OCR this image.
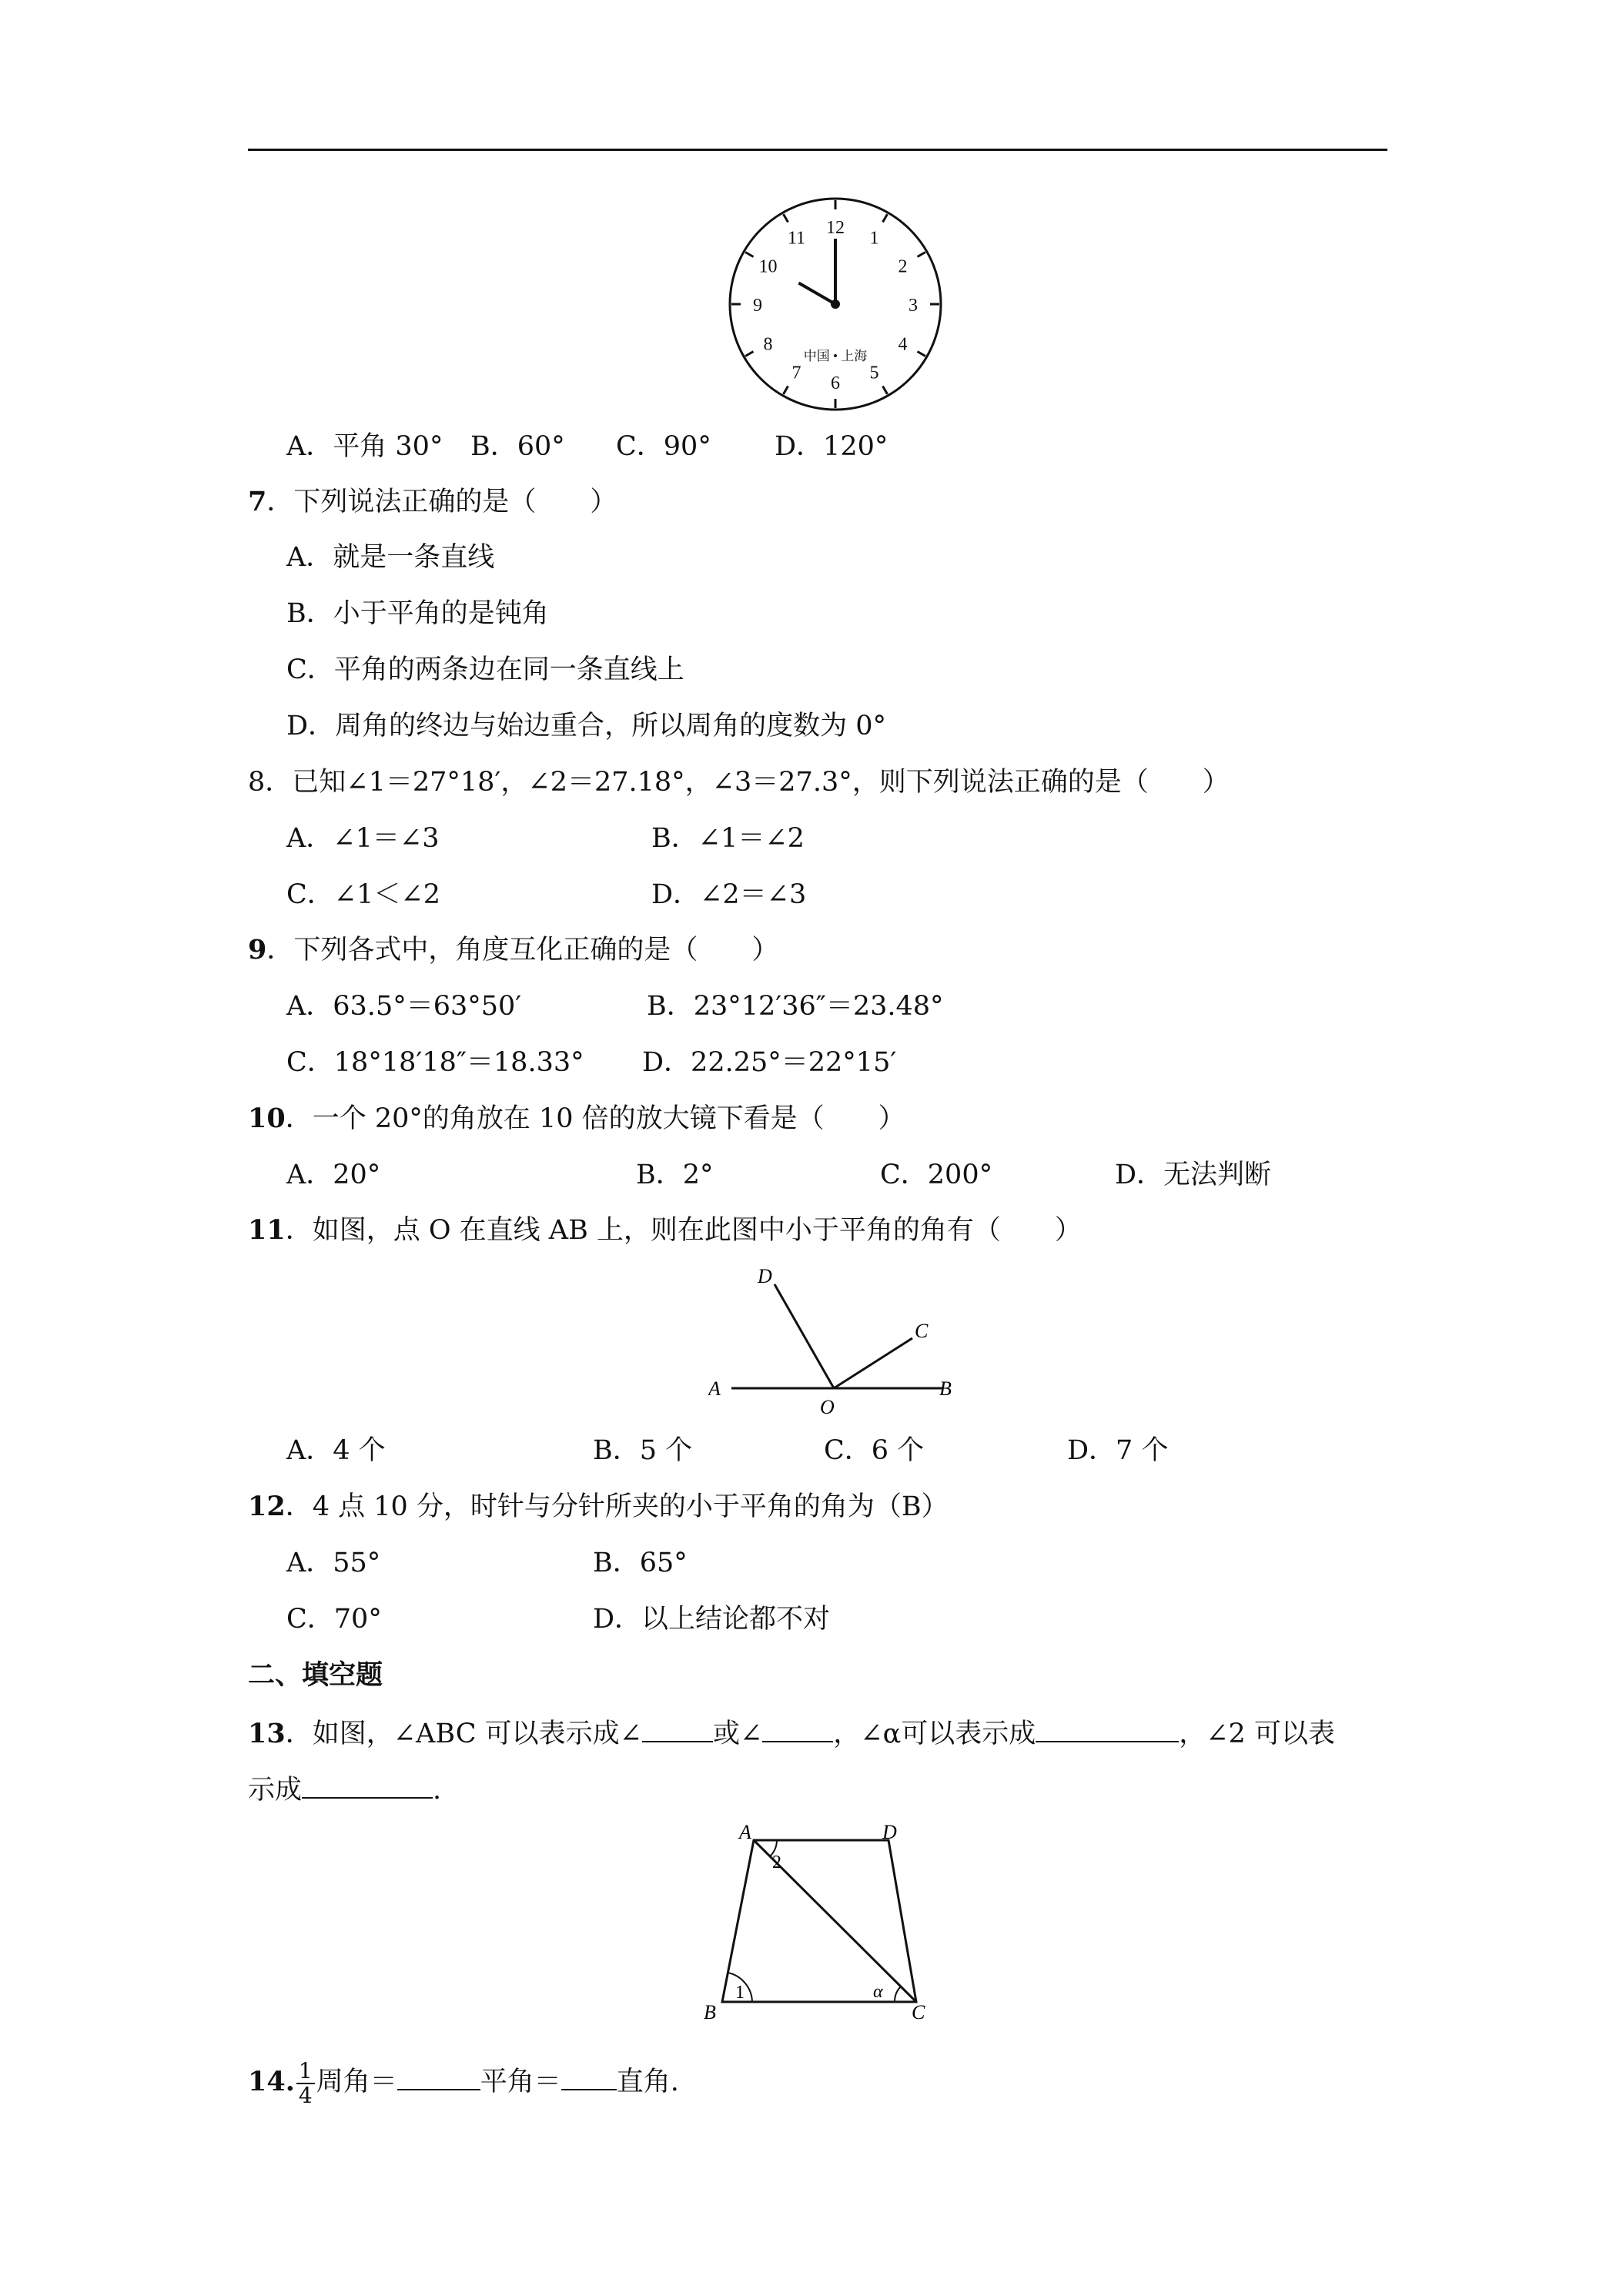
12
1
2
3
4
5
6
7
8
9
10
11
中国 • 上海
A．平角 30° B．60° C．90° D．120°
7．下列说法正确的是（　　）
A．就是一条直线
B．小于平角的是钝角
C．平角的两条边在同一条直线上
D．周角的终边与始边重合，所以周角的度数为 0°
8．已知∠1＝27°18′，∠2＝27.18°，∠3＝27.3°，则下列说法正确的是（　　）
A．∠1＝∠3	B．∠1＝∠2
C．∠1＜∠2	D．∠2＝∠3
9．下列各式中，角度互化正确的是（　　）
A．63.5°＝63°50′	B．23°12′36″＝23.48°
C．18°18′18″＝18.33° D．22.25°＝22°15′
10．一个 20°的角放在 10 倍的放大镜下看是（　　）
A．20°	B．2°	C．200°	D．无法判断
11．如图，点 O 在直线 AB 上，则在此图中小于平角的角有（　　）
D
C
A	B
O
A．4 个	B．5 个	C．6 个	D．7 个
12．4 点 10 分，时针与分针所夹的小于平角的角为（B）
A．55°	B．65°
C．70°	D．以上结论都不对
二、填空题
13．如图，∠ABC 可以表示成∠	或∠	，∠α可以表示成	，∠2 可以表
示成	.
A	D
B	C
1
2
α
14. $\frac{1}{4}$ 周角＝	平角＝ 直角.
